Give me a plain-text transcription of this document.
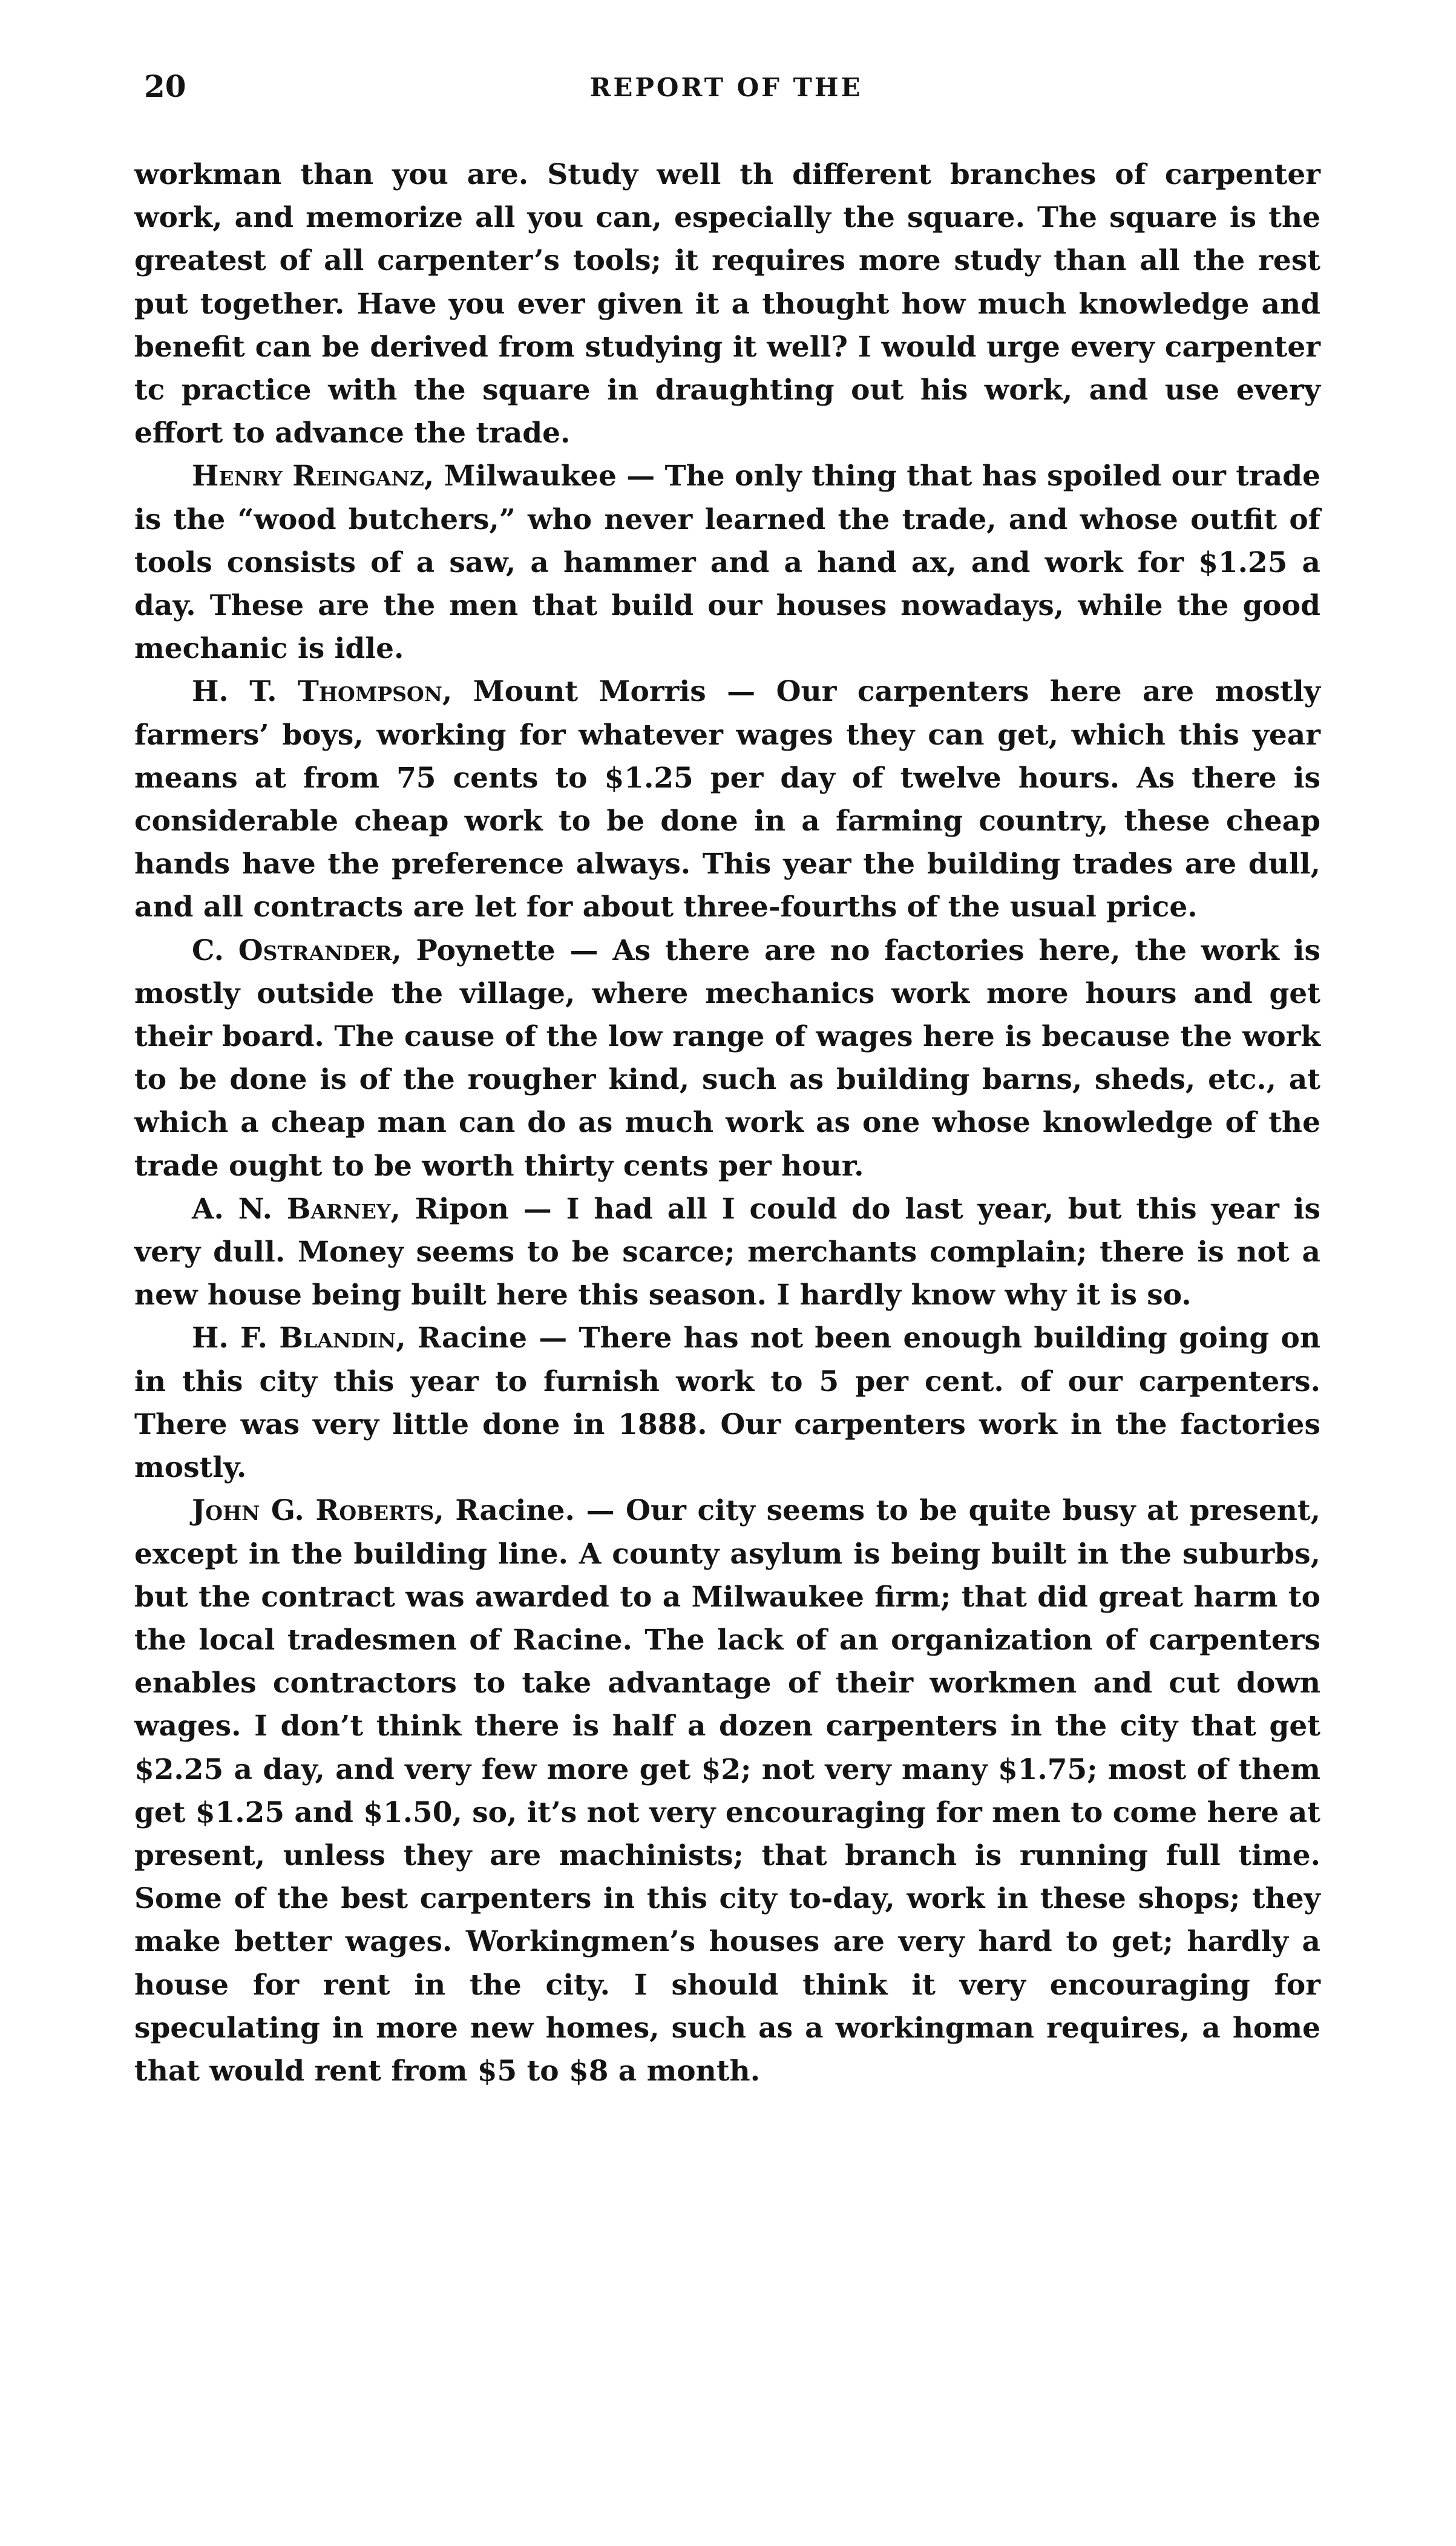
20	REPORT OF THE

workman than you are. Study well th different branches of carpenter work, and memorize all you can, especially the square. The square is the greatest of all carpenter’s tools; it requires more study than all the rest put together. Have you ever given it a thought how much knowledge and benefit can be derived from studying it well? I would urge every carpenter tc practice with the square in draughting out his work, and use every effort to advance the trade.

Henry Reinganz, Milwaukee — The only thing that has spoiled our trade is the “wood butchers,” who never learned the trade, and whose outfit of tools consists of a saw, a hammer and a hand ax, and work for $1.25 a day. These are the men that build our houses nowadays, while the good mechanic is idle.

H. T. Thompson, Mount Morris — Our carpenters here are mostly farmers’ boys, working for whatever wages they can get, which this year means at from 75 cents to $1.25 per day of twelve hours. As there is considerable cheap work to be done in a farming country, these cheap hands have the preference always. This year the building trades are dull, and all contracts are let for about three-fourths of the usual price.

C. Ostrander, Poynette — As there are no factories here, the work is mostly outside the village, where mechanics work more hours and get their board. The cause of the low range of wages here is because the work to be done is of the rougher kind, such as building barns, sheds, etc., at which a cheap man can do as much work as one whose knowledge of the trade ought to be worth thirty cents per hour.

A. N. Barney, Ripon — I had all I could do last year, but this year is very dull. Money seems to be scarce; merchants complain; there is not a new house being built here this season. I hardly know why it is so.

H. F. Blandin, Racine — There has not been enough building going on in this city this year to furnish work to 5 per cent. of our carpenters. There was very little done in 1888. Our carpenters work in the factories mostly.

John G. Roberts, Racine. — Our city seems to be quite busy at present, except in the building line. A county asylum is being built in the suburbs, but the contract was awarded to a Milwaukee firm; that did great harm to the local tradesmen of Racine. The lack of an organization of carpenters enables contractors to take advantage of their workmen and cut down wages. I don’t think there is half a dozen carpenters in the city that get $2.25 a day, and very few more get $2; not very many $1.75; most of them get $1.25 and $1.50, so, it’s not very encouraging for men to come here at present, unless they are machinists; that branch is running full time. Some of the best carpenters in this city to-day, work in these shops; they make better wages. Workingmen’s houses are very hard to get; hardly a house for rent in the city. I should think it very encouraging for speculating in more new homes, such as a workingman requires, a home that would rent from $5 to $8 a month.
